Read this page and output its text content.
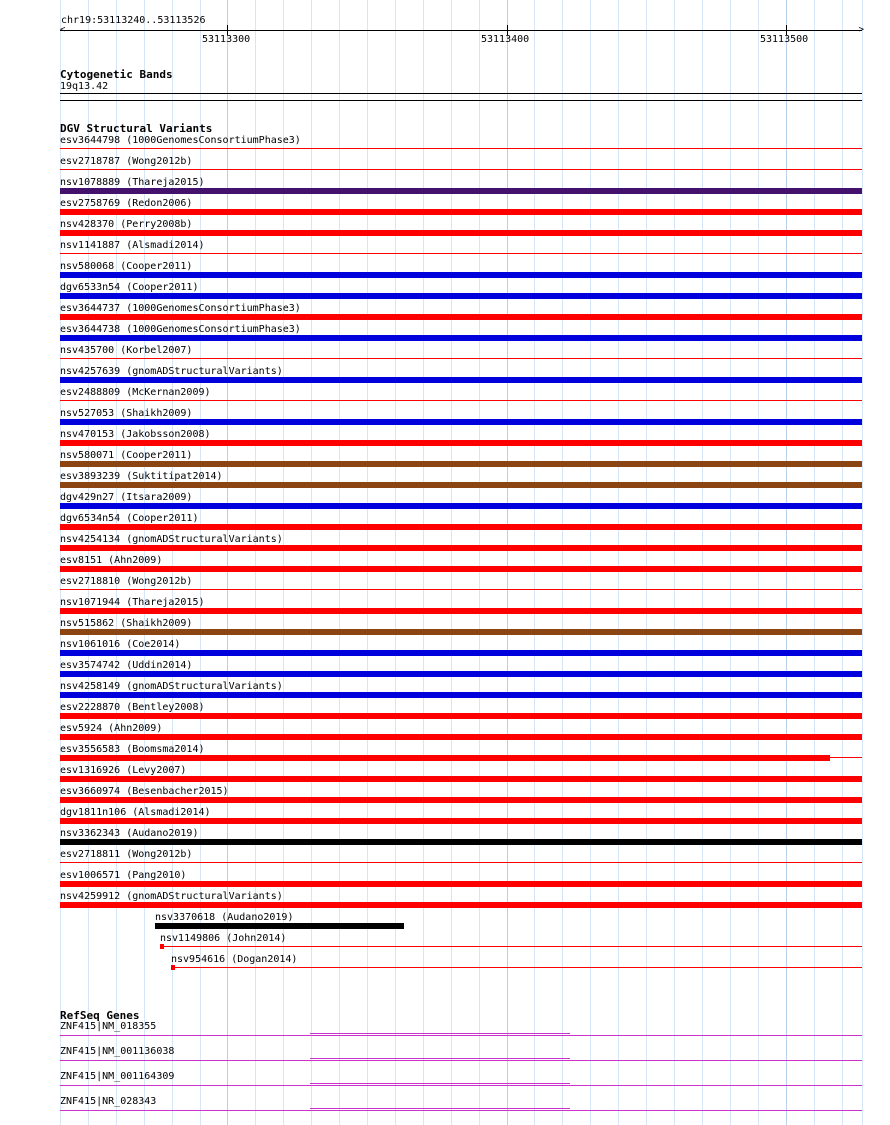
chr19:53113240..53113526
<	>
53113300	53113400	53113500
Cytogenetic Bands
19q13.42
DGV Structural Variants
esv3644798 (1000GenomesConsortiumPhase3)
esv2718787 (Wong2012b)
nsv1078889 (Thareja2015)
esv2758769 (Redon2006)
nsv428370 (Perry2008b)
nsv1141887 (Alsmadi2014)
nsv580068 (Cooper2011)
dgv6533n54 (Cooper2011)
esv3644737 (1000GenomesConsortiumPhase3)
esv3644738 (1000GenomesConsortiumPhase3)
nsv435700 (Korbel2007)
nsv4257639 (gnomADStructuralVariants)
esv2488809 (McKernan2009)
nsv527053 (Shaikh2009)
nsv470153 (Jakobsson2008)
nsv580071 (Cooper2011)
esv3893239 (Suktitipat2014)
dgv429n27 (Itsara2009)
dgv6534n54 (Cooper2011)
nsv4254134 (gnomADStructuralVariants)
esv8151 (Ahn2009)
esv2718810 (Wong2012b)
nsv1071944 (Thareja2015)
nsv515862 (Shaikh2009)
nsv1061016 (Coe2014)
esv3574742 (Uddin2014)
nsv4258149 (gnomADStructuralVariants)
esv2228870 (Bentley2008)
esv5924 (Ahn2009)
esv3556583 (Boomsma2014)
esv1316926 (Levy2007)
esv3660974 (Besenbacher2015)
dgv1811n106 (Alsmadi2014)
nsv3362343 (Audano2019)
esv2718811 (Wong2012b)
esv1006571 (Pang2010)
nsv4259912 (gnomADStructuralVariants)
nsv3370618 (Audano2019)
nsv1149806 (John2014)
nsv954616 (Dogan2014)
RefSeq Genes
ZNF415|NM_018355
ZNF415|NM_001136038
ZNF415|NM_001164309
ZNF415|NR_028343
